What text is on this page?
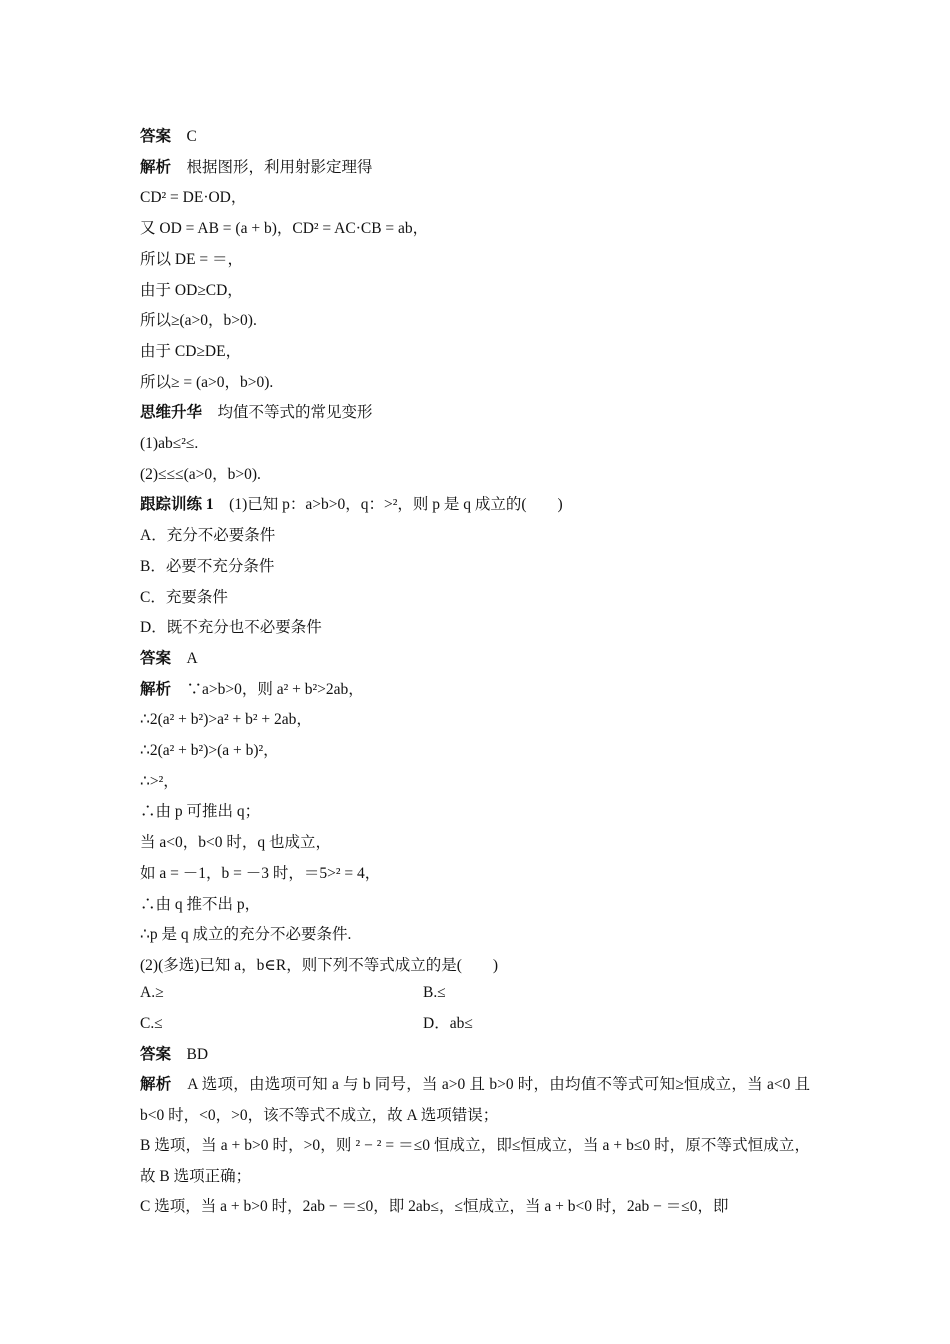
答案　 C
解析　 根据图形，利用射影定理得
CD² = DE·OD，
又 OD = AB = (a + b)，CD² = AC·CB = ab，
所以 DE = ＝，
由于 OD≥CD，
所以≥(a>0，b>0).
由于 CD≥DE，
所以≥ = (a>0，b>0).
思维升华　 均值不等式的常见变形
(1)ab≤²≤.
(2)≤≤≤(a>0，b>0).
跟踪训练 1　 (1)已知 p：a>b>0，q：>²，则 p 是 q 成立的(　　)
A．充分不必要条件
B．必要不充分条件
C．充要条件
D．既不充分也不必要条件
答案　 A
解析　 ∵a>b>0，则 a² + b²>2ab，
∴2(a² + b²)>a² + b² + 2ab，
∴2(a² + b²)>(a + b)²，
∴>²，
∴由 p 可推出 q；
当 a<0，b<0 时，q 也成立，
如 a = －1，b = －3 时，＝5>² = 4，
∴由 q 推不出 p，
∴p 是 q 成立的充分不必要条件.
(2)(多选)已知 a，b∈R，则下列不等式成立的是(　　)
A.≥	B.≤
C.≤	D．ab≤
答案　 BD
解析　 A 选项，由选项可知 a 与 b 同号，当 a>0 且 b>0 时，由均值不等式可知≥恒成立，当 a<0 且 b<0 时，<0，>0，该不等式不成立，故 A 选项错误；
B 选项，当 a + b>0 时，>0，则 ² − ² = ＝≤0 恒成立，即≤恒成立，当 a + b≤0 时，原不等式恒成立，故 B 选项正确；
C 选项，当 a + b>0 时，2ab − ＝≤0，即 2ab≤，≤恒成立，当 a + b<0 时，2ab − ＝≤0，即
